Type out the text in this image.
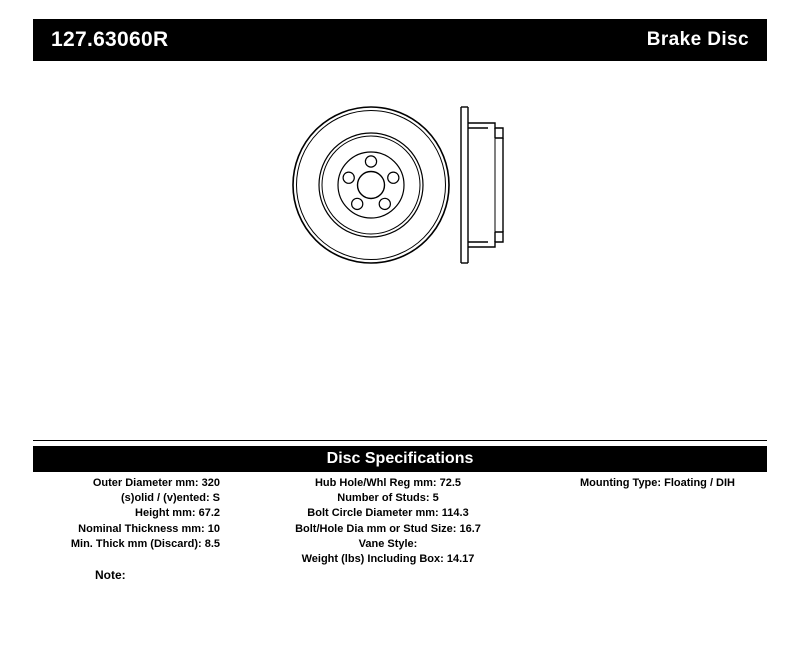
127.63060R	Brake Disc
Disc Specifications
Outer Diameter mm: 320
(s)olid / (v)ented: S
Height mm: 67.2
Nominal Thickness mm: 10
Min. Thick mm (Discard): 8.5
Hub Hole/Whl Reg mm: 72.5
Number of Studs: 5
Bolt Circle Diameter mm: 114.3
Bolt/Hole Dia mm or Stud Size: 16.7
Vane Style:
Weight (lbs) Including Box: 14.17
Mounting Type: Floating / DIH
Note:
